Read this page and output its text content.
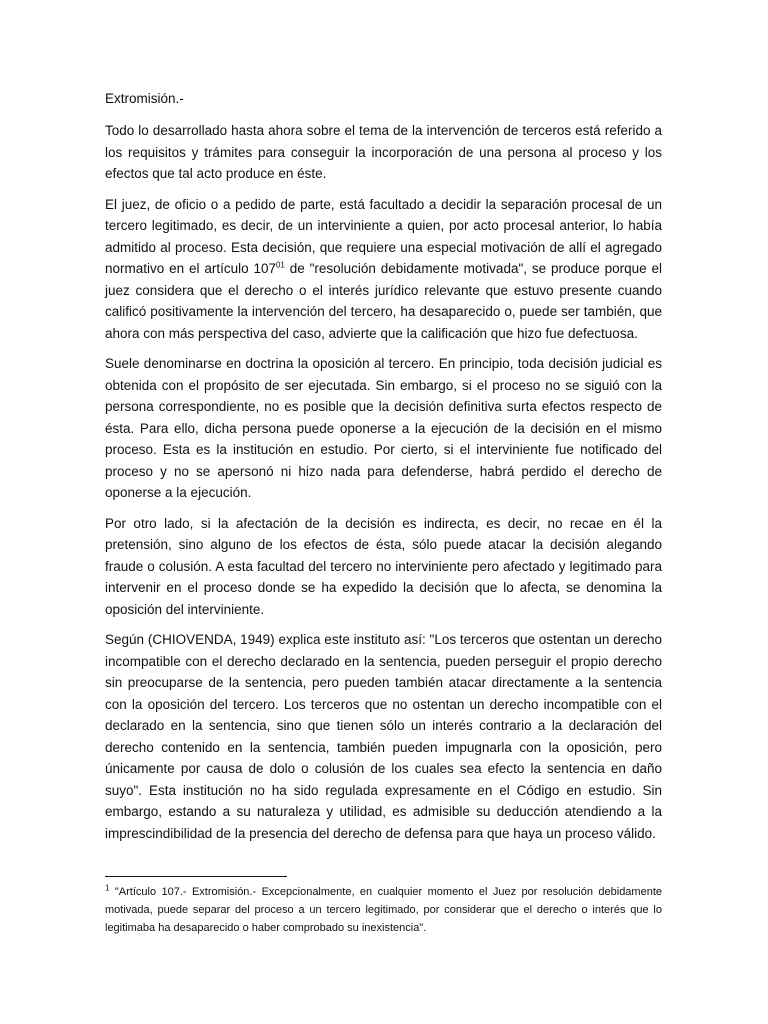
Extromisión.-

Todo lo desarrollado hasta ahora sobre el tema de la intervención de terceros está referido a los requisitos y trámites para conseguir la incorporación de una persona al proceso y los efectos que tal acto produce en éste.

El juez, de oficio o a pedido de parte, está facultado a decidir la separación procesal de un tercero legitimado, es decir, de un interviniente a quien, por acto procesal anterior, lo había admitido al proceso. Esta decisión, que requiere una especial motivación de allí el agregado normativo en el artículo 107$^{01}$ de "resolución debidamente motivada", se produce porque el juez considera que el derecho o el interés jurídico relevante que estuvo presente cuando calificó positivamente la intervención del tercero, ha desaparecido o, puede ser también, que ahora con más perspectiva del caso, advierte que la calificación que hizo fue defectuosa.

Suele denominarse en doctrina la oposición al tercero. En principio, toda decisión judicial es obtenida con el propósito de ser ejecutada. Sin embargo, si el proceso no se siguió con la persona correspondiente, no es posible que la decisión definitiva surta efectos respecto de ésta. Para ello, dicha persona puede oponerse a la ejecución de la decisión en el mismo proceso. Esta es la institución en estudio. Por cierto, si el interviniente fue notificado del proceso y no se apersonó ni hizo nada para defenderse, habrá perdido el derecho de oponerse a la ejecución.

Por otro lado, si la afectación de la decisión es indirecta, es decir, no recae en él la pretensión, sino alguno de los efectos de ésta, sólo puede atacar la decisión alegando fraude o colusión. A esta facultad del tercero no interviniente pero afectado y legitimado para intervenir en el proceso donde se ha expedido la decisión que lo afecta, se denomina la oposición del interviniente.

Según (CHIOVENDA, 1949) explica este instituto así: "Los terceros que ostentan un derecho incompatible con el derecho declarado en la sentencia, pueden perseguir el propio derecho sin preocuparse de la sentencia, pero pueden también atacar directamente a la sentencia con la oposición del tercero. Los terceros que no ostentan un derecho incompatible con el declarado en la sentencia, sino que tienen sólo un interés contrario a la declaración del derecho contenido en la sentencia, también pueden impugnarla con la oposición, pero únicamente por causa de dolo o colusión de los cuales sea efecto la sentencia en daño suyo". Esta institución no ha sido regulada expresamente en el Código en estudio. Sin embargo, estando a su naturaleza y utilidad, es admisible su deducción atendiendo a la imprescindibilidad de la presencia del derecho de defensa para que haya un proceso válido.

$^1$ "Artículo 107.- Extromisión.- Excepcionalmente, en cualquier momento el Juez por resolución debidamente motivada, puede separar del proceso a un tercero legitimado, por considerar que el derecho o interés que lo legitimaba ha desaparecido o haber comprobado su inexistencia".
